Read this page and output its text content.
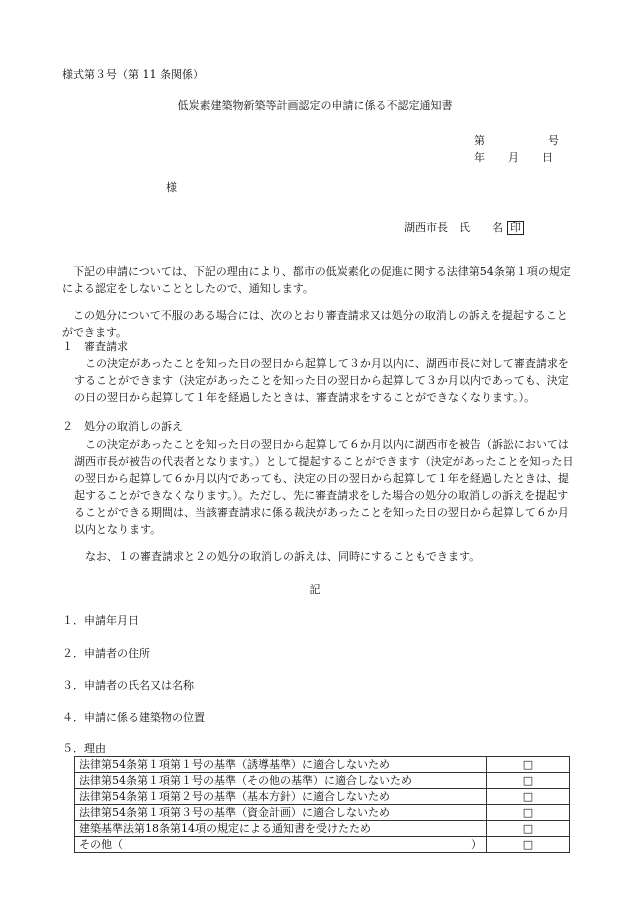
様式第３号（第 11 条関係）
低炭素建築物新築等計画認定の申請に係る不認定通知書
第	号
年 月 日
様
湖西市長　氏　　名 印
下記の申請については、下記の理由により、都市の低炭素化の促進に関する法律第54条第１項の規定による認定をしないこととしたので、通知します。
この処分について不服のある場合には、次のとおり審査請求又は処分の取消しの訴えを提起することができます。
１　審査請求
この決定があったことを知った日の翌日から起算して３か月以内に、湖西市長に対して審査請求をすることができます（決定があったことを知った日の翌日から起算して３か月以内であっても、決定の日の翌日から起算して１年を経過したときは、審査請求をすることができなくなります。）。
２　処分の取消しの訴え
この決定があったことを知った日の翌日から起算して６か月以内に湖西市を被告（訴訟においては湖西市長が被告の代表者となります。）として提起することができます（決定があったことを知った日の翌日から起算して６か月以内であっても、決定の日の翌日から起算して１年を経過したときは、提起することができなくなります。）。ただし、先に審査請求をした場合の処分の取消しの訴えを提起することができる期間は、当該審査請求に係る裁決があったことを知った日の翌日から起算して６か月以内となります。
なお、１の審査請求と２の処分の取消しの訴えは、同時にすることもできます。
記
１．申請年月日
２．申請者の住所
３．申請者の氏名又は名称
４．申請に係る建築物の位置
５．理由
法律第54条第１項第１号の基準（誘導基準）に適合しないため	□
法律第54条第１項第１号の基準（その他の基準）に適合しないため	□
法律第54条第１項第２号の基準（基本方針）に適合しないため	□
法律第54条第１項第３号の基準（資金計画）に適合しないため	□
建築基準法第18条第14項の規定による通知書を受けたため	□
その他（ ）	□
